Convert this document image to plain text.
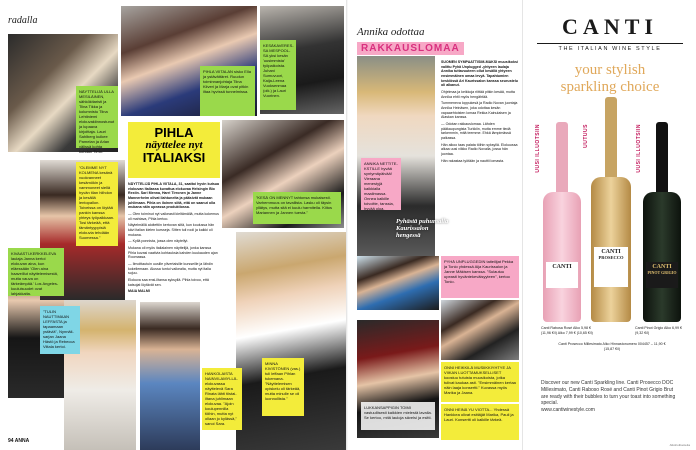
radalla
NÄYTTELIJÄ ULLA MESILÄINEN, sähkökitaristi ja Tiina Tikka ja kolumnistu Tiina Lehtiniemi elokuvakiinnostunut ja lupaava kirjoittaja. Lauri Sahlberg kulkee Pamelan ja Arlan välissä kohta kohdan Timo.
PIHLA VIITALAN sisko Ella ja ystävättäret. Ruudun toiminnanjohtaja Tiina Kiiveri ja Marja ovat pitkin iltaa hyvissä tunnelmissa.
KESÄKAVERES-SA MESPOOL-SA yksi kesän 'uusimmista' työpaikoista. Juhani Sumuvuori, Kaija-Leena Vuoksenmaa (oik.) ja Lauri Vuorinen.
"OLEMME NYT KOLMENA kesänä vuokranneet kesämökin ja vammoneet siellä hyvän tilan hiihdon ja kesällä lentopallon. Toiveissa on löytää pankin kanssa yhteys työpaikkaan. Tosi tärkeää, että tämäntyyppisiä elokuvia tehdään Suomessa."
"KESÄ ON MENNYT tahtonsa mukaisesti. Varhemmuus on tavallista. Lasku oli täysin yllätys, mutta sitä ei kuulu harmitella. Kiitos Mariannen ja Jannen tuesta."
KIVAASTI-KERKKELEVA laulaja Janna kertoi elokuvan aina, kun eläessään 'Olen aina haaveillut näyttelemisestä, mutta vauva on tärkeämpää.' Los Angeles-kuuluisuudet ovat lahjakkaita.
"TULIN NAUTTIMAAN LEFFASTA ja tapaamaan ystäviä", Nynnäli-sarjan Jaana Hästö ja Rebecca Viitala kertoi.
HANKOLAISTA NAINVILAMYLLÄ-elokuvassa näyttelevä Sara Rinata lähti tiistai-iltana juhlimaan elokuvaa. "Ajoin koulupennilla töihin, mutta nyt ollaan jo kylässä," sanoi Sara.
MINNA KIVISTÖNEN (vas.) tuli leffaan Pihlan tukemana. "Näyttelemisen opiskelu oli tärkeää, mutta minulle se oli luonnollista."
PIHLA
näyttelee nyt
ITALIAKSI

NÄYTTELIJÄ PIHLA VIITALA, 31, saattoi hyvin kutsua elokuvan Italiassa kuvattua elokuvaa Helsingin Bio Rexiin. Sari Menna, Harri Tirronen ja Janne Mannerheim olivat ilahtuneita ja pääsivät mukaan juhlimaan. Pihla on iloinen siitä, että on saanut olla mukana näin upeassa produktiossa.

— Olen toiminut nyt vaikeasti kieltämällä, mutta kokemus oli mahtava, Pihla kertoo.

Näytelmällä aloitettiin kertovan siitä, kun koulussa hän kävi italian kielen kursseja. Sitten tuli rooli ja kaikki oli mukana.

— Kyllä ponnista, jossa olen näytellyt.

Mukana oli myös italialainen näyttelijä, jonka kanssa Pihla kuvasi vaativia kohtauksia kahden kuukauden ajan Roomassa.

— Ilmoittautuin uusille ylivertaisille kursseille ja lähdin kokeilemaan. Alussa tuntui vaikealta, mutta nyt italia sujuu.

Elokuva saa ensi-iltansa syksyllä. Pihla toivoo, että katsojat löytävät sen.

MAIA MALMI

94 ANNA
Annika odottaa
RAKKAUSLOMAA
Pyhästä puhumalla Kaurissalon hengessä
ANNIKA NETTITE-KSTILLE hyvää syntymäpäivää! Vieraana menestyjä kaikkialla maailmassa. Onnea kaikille toivoitte, tanssia, hyvää oloa.

SUOMEN SYMPAATTISIM-MAKSI muusikoksi valittu Pyhä Unplugged -yhtyeen laulaja Annika tuttavuuteen ollut kesällä yhtyeen ensimmäinen omaa levyä. Tapahtumien keskiössä Ari Kaurissalon kanssa seurustelu oli alkanut.

Ohjelmaa ja keikkoja riittää pitkin kesää, mutta Annika ehtii myös hengähtää.

Tummeneva loppukesä ja Radio Novan juontaja Annika Heinäsen, joka odottaa kesän vapaaehtoisten lomaa Rekka Kainulaisen ja Alaskan kanssa.

— Odotan rakkauslomaa. Lähden pääkaupungista Turkkiin, mutta emme tiedä tarkemmin, mitä teemme. Ehkä lämpimässä paikassa.

Hän aikoo taas palata töihin syksyllä. Elokuussa alkaa uusi viikko Radio Novalla, jossa hän juontaa.

Hän rakastaa työtään ja nauttii lomasta.

PYHÄ UNPLUGGEDIN taiteilijat Pekka ja Tonio yhdessä Aija Kaurissalon ja Janne Mäkisen kanssa. "Sulautuu upeasti hyväntekeväisyyteen", kertoo Tonio.
ONNI HEIKKILÄ MUSIIKKIYHTYE JA VIIKAN LUOTTAMUKSELLISET koostuu tutuista muusikoista, jotka tulivat kaukaa asti. "Ensimmäinen kertaa näin laaja konsertti." Kuvassa myös Marika ja Jaana.
LUKKANSAPPIGIN TOIMI vastuullisesti kaikkien mielestä lavalla. Se kertoo, mitä lauloja sävelsi ja esitti.
ONNI HEINÄ YU VIOTTA... Yhdessä Hankkea olivat esittäjät Marika, Pauli ja Lauri. Konsertti oli kaikille tärkeä.
CANTI
THE ITALIAN WINE STYLE
your stylish
sparkling choice
CANTI
CANTI
PROSECCO
CANTI
PINOT GRIGIO
UUSI ILLUOTSIIN	UUTUUS	UUSI ILLUOTSIIN
Canti Rabosa Rosé Alko 5,98 € (11,96 €/l) Alko 7,99 € (10,65 €/l)
Canti Pinot Grigio Alko 6,99 € (9,32 €/l)
Canti Prosecco Millesimato Alko Hinnastonumero 004457 – 11,90 € (15,87 €/l)
Discover our new Canti Sparkling line. Canti Prosecco DOC Millesimato, Canti Raboso Rosé and Canti Pinot Grigio Brut are ready with their bubbles to turn your toast into something special.
www.cantiwinestyle.com
Alkoholituoteita
